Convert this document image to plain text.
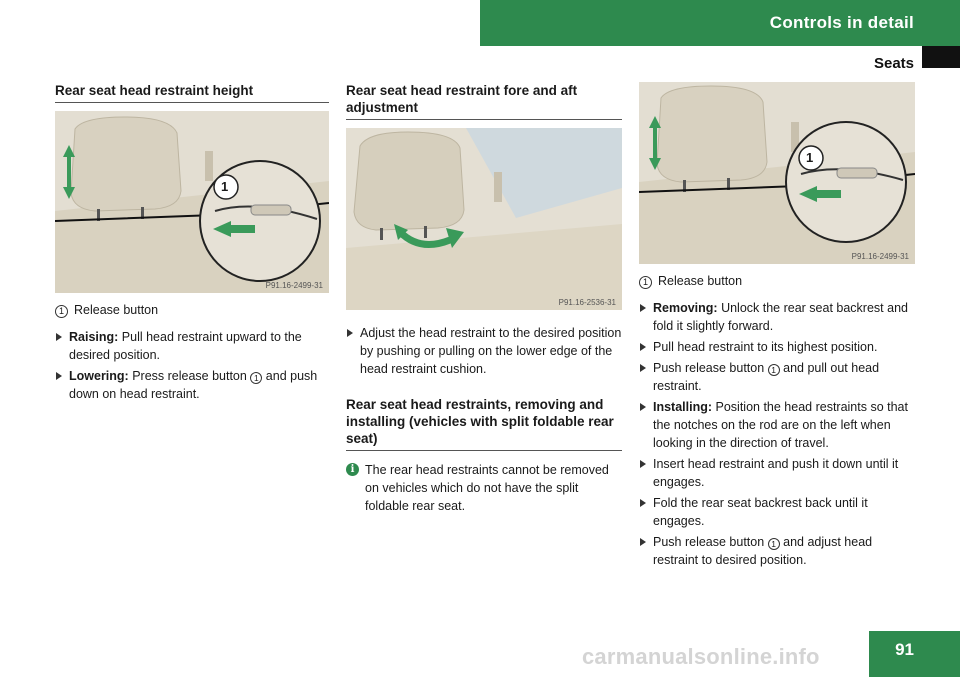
Controls in detail
Seats
Rear seat head restraint height
1
P91.16-2499-31
1 Release button
Raising: Pull head restraint upward to the desired position.
Lowering: Press release button 1 and push down on head restraint.
Rear seat head restraint fore and aft adjustment
P91.16-2536-31
Adjust the head restraint to the desired position by pushing or pulling on the lower edge of the head restraint cushion.
Rear seat head restraints, removing and installing (vehicles with split foldable rear seat)
i The rear head restraints cannot be removed on vehicles which do not have the split foldable rear seat.

1
P91.16-2499-31
1 Release button
Removing: Unlock the rear seat backrest and fold it slightly forward.
Pull head restraint to its highest position.
Push release button 1 and pull out head restraint.
Installing: Position the head restraints so that the notches on the rod are on the left when looking in the direction of travel.
Insert head restraint and push it down until it engages.
Fold the rear seat backrest back until it engages.
Push release button 1 and adjust head restraint to desired position.
carmanualsonline.info	91
